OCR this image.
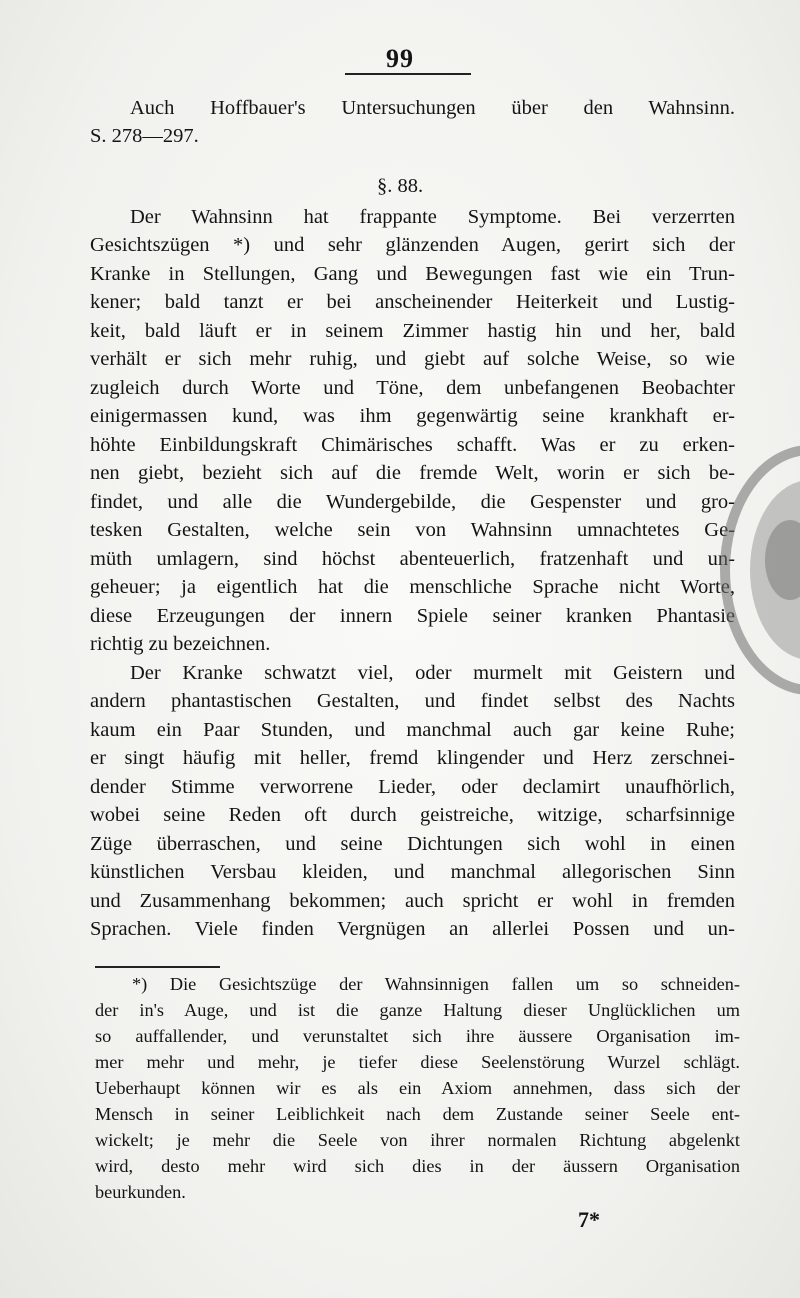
99
Auch Hoffbauer's Untersuchungen über den Wahnsinn.
S. 278—297.
§. 88.
Der Wahnsinn hat frappante Symptome. Bei verzerrten
Gesichtszügen *) und sehr glänzenden Augen, gerirt sich der
Kranke in Stellungen, Gang und Bewegungen fast wie ein Trun-
kener; bald tanzt er bei anscheinender Heiterkeit und Lustig-
keit, bald läuft er in seinem Zimmer hastig hin und her, bald
verhält er sich mehr ruhig, und giebt auf solche Weise, so wie
zugleich durch Worte und Töne, dem unbefangenen Beobachter
einigermassen kund, was ihm gegenwärtig seine krankhaft er-
höhte Einbildungskraft Chimärisches schafft. Was er zu erken-
nen giebt, bezieht sich auf die fremde Welt, worin er sich be-
findet, und alle die Wundergebilde, die Gespenster und gro-
tesken Gestalten, welche sein von Wahnsinn umnachtetes Ge-
müth umlagern, sind höchst abenteuerlich, fratzenhaft und un-
geheuer; ja eigentlich hat die menschliche Sprache nicht Worte,
diese Erzeugungen der innern Spiele seiner kranken Phantasie
richtig zu bezeichnen.
Der Kranke schwatzt viel, oder murmelt mit Geistern und
andern phantastischen Gestalten, und findet selbst des Nachts
kaum ein Paar Stunden, und manchmal auch gar keine Ruhe;
er singt häufig mit heller, fremd klingender und Herz zerschnei-
dender Stimme verworrene Lieder, oder declamirt unaufhörlich,
wobei seine Reden oft durch geistreiche, witzige, scharfsinnige
Züge überraschen, und seine Dichtungen sich wohl in einen
künstlichen Versbau kleiden, und manchmal allegorischen Sinn
und Zusammenhang bekommen; auch spricht er wohl in fremden
Sprachen. Viele finden Vergnügen an allerlei Possen und un-
*) Die Gesichtszüge der Wahnsinnigen fallen um so schneiden-
der in's Auge, und ist die ganze Haltung dieser Unglücklichen um
so auffallender, und verunstaltet sich ihre äussere Organisation im-
mer mehr und mehr, je tiefer diese Seelenstörung Wurzel schlägt.
Ueberhaupt können wir es als ein Axiom annehmen, dass sich der
Mensch in seiner Leiblichkeit nach dem Zustande seiner Seele ent-
wickelt; je mehr die Seele von ihrer normalen Richtung abgelenkt
wird, desto mehr wird sich dies in der äussern Organisation
beurkunden.
7*
